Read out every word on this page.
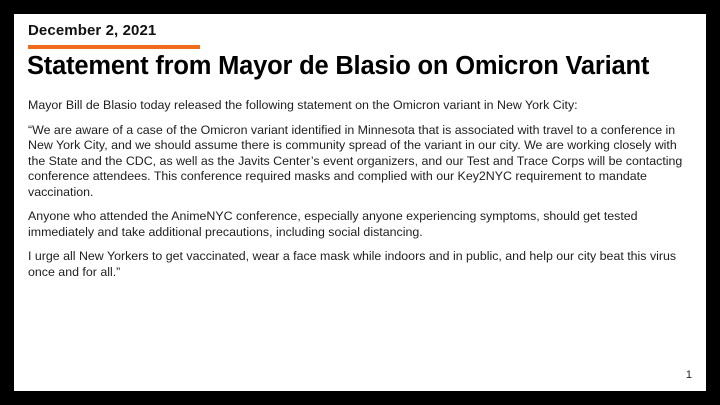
December 2, 2021
Statement from Mayor de Blasio on Omicron Variant

Mayor Bill de Blasio today released the following statement on the Omicron variant in New York City:

“We are aware of a case of the Omicron variant identified in Minnesota that is associated with travel to a conference in New York City, and we should assume there is community spread of the variant in our city. We are working closely with the State and the CDC, as well as the Javits Center’s event organizers, and our Test and Trace Corps will be contacting conference attendees. This conference required masks and complied with our Key2NYC requirement to mandate vaccination.

Anyone who attended the AnimeNYC conference, especially anyone experiencing symptoms, should get tested immediately and take additional precautions, including social distancing.

I urge all New Yorkers to get vaccinated, wear a face mask while indoors and in public, and help our city beat this virus once and for all.”

1
